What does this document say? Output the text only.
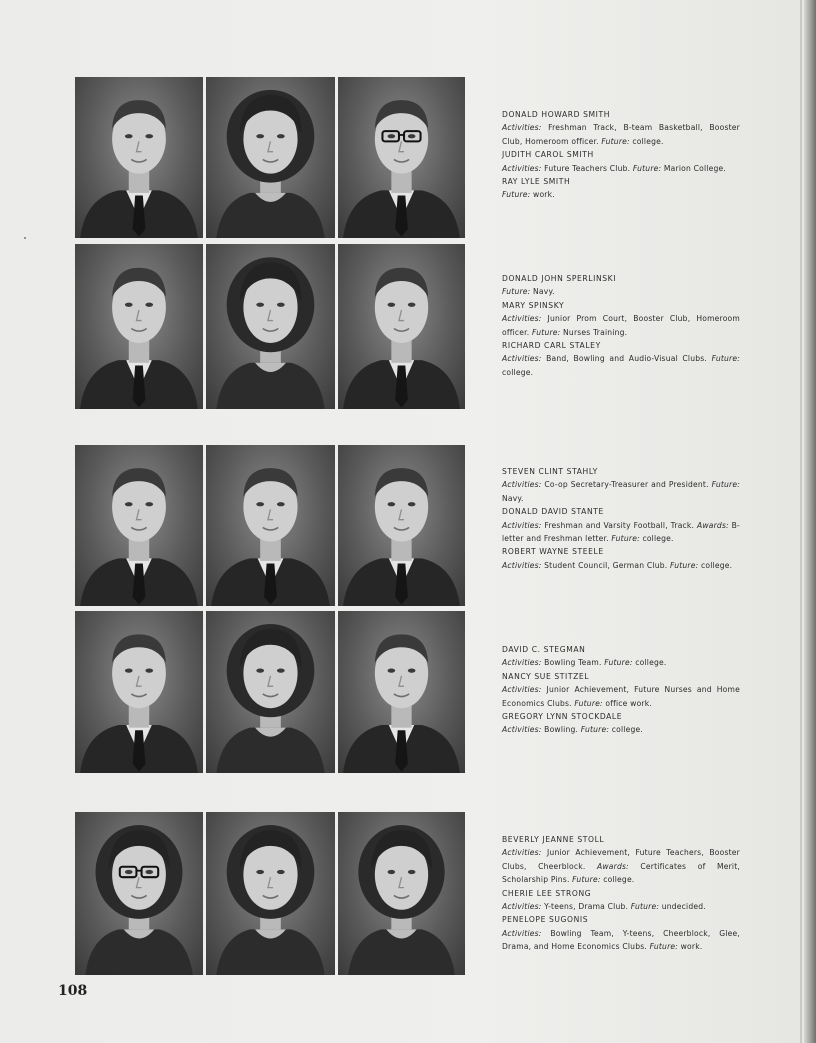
DONALD HOWARD SMITH
Activities: Freshman Track, B-team Basketball, Booster Club, Homeroom officer. Future: college.
JUDITH CAROL SMITH
Activities: Future Teachers Club. Future: Marion College.
RAY LYLE SMITH
Future: work.
DONALD JOHN SPERLINSKI
Future: Navy.
MARY SPINSKY
Activities: Junior Prom Court, Booster Club, Homeroom officer. Future: Nurses Training.
RICHARD CARL STALEY
Activities: Band, Bowling and Audio-Visual Clubs. Future: college.
STEVEN CLINT STAHLY
Activities: Co-op Secretary-Treasurer and President. Future: Navy.
DONALD DAVID STANTE
Activities: Freshman and Varsity Football, Track. Awards: B-letter and Freshman letter. Future: college.
ROBERT WAYNE STEELE
Activities: Student Council, German Club. Future: college.
DAVID C. STEGMAN
Activities: Bowling Team. Future: college.
NANCY SUE STITZEL
Activities: Junior Achievement, Future Nurses and Home Economics Clubs. Future: office work.
GREGORY LYNN STOCKDALE
Activities: Bowling. Future: college.
BEVERLY JEANNE STOLL
Activities: Junior Achievement, Future Teachers, Booster Clubs, Cheerblock. Awards: Certificates of Merit, Scholarship Pins. Future: college.
CHERIE LEE STRONG
Activities: Y-teens, Drama Club. Future: undecided.
PENELOPE SUGONIS
Activities: Bowling Team, Y-teens, Cheerblock, Glee, Drama, and Home Economics Clubs. Future: work.
108
